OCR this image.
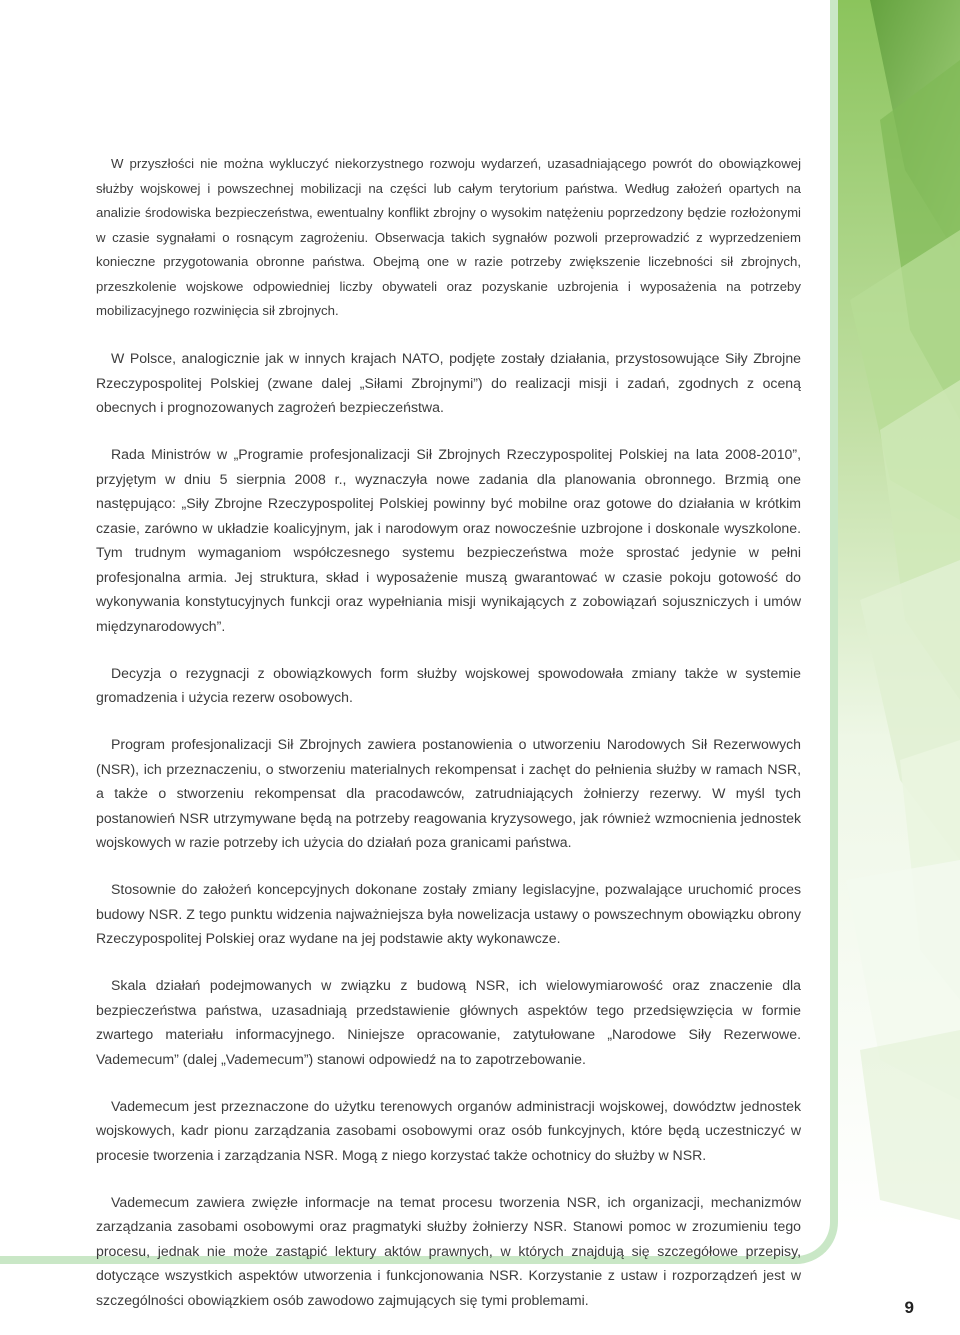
W przyszłości nie można wykluczyć niekorzystnego rozwoju wydarzeń, uzasadniającego powrót do obowiązkowej służby wojskowej i powszechnej mobilizacji na części lub całym terytorium państwa. Według założeń opartych na analizie środowiska bezpieczeństwa, ewentualny konflikt zbrojny o wysokim natężeniu poprzedzony będzie rozłożonymi w czasie sygnałami o rosnącym zagrożeniu. Obserwacja takich sygnałów pozwoli przeprowadzić z wyprzedzeniem konieczne przygotowania obronne państwa. Obejmą one w razie potrzeby zwiększenie liczebności sił zbrojnych, przeszkolenie wojskowe odpowiedniej liczby obywateli oraz pozyskanie uzbrojenia i wyposażenia na potrzeby mobilizacyjnego rozwinięcia sił zbrojnych.

W Polsce, analogicznie jak w innych krajach NATO, podjęte zostały działania, przystosowujące Siły Zbrojne Rzeczypospolitej Polskiej (zwane dalej „Siłami Zbrojnymi”) do realizacji misji i zadań, zgodnych z oceną obecnych i prognozowanych zagrożeń bezpieczeństwa.

Rada Ministrów w „Programie profesjonalizacji Sił Zbrojnych Rzeczypospolitej Polskiej na lata 2008-2010”, przyjętym w dniu 5 sierpnia 2008 r., wyznaczyła nowe zadania dla planowania obronnego. Brzmią one następująco: „Siły Zbrojne Rzeczypospolitej Polskiej powinny być mobilne oraz gotowe do działania w krótkim czasie, zarówno w układzie koalicyjnym, jak i narodowym oraz nowocześnie uzbrojone i doskonale wyszkolone. Tym trudnym wymaganiom współczesnego systemu bezpieczeństwa może sprostać jedynie w pełni profesjonalna armia. Jej struktura, skład i wyposażenie muszą gwarantować w czasie pokoju gotowość do wykonywania konstytucyjnych funkcji oraz wypełniania misji wynikających z zobowiązań sojuszniczych i umów międzynarodowych”.

Decyzja o rezygnacji z obowiązkowych form służby wojskowej spowodowała zmiany także w systemie gromadzenia i użycia rezerw osobowych.

Program profesjonalizacji Sił Zbrojnych zawiera postanowienia o utworzeniu Narodowych Sił Rezerwowych (NSR), ich przeznaczeniu, o stworzeniu materialnych rekompensat i zachęt do pełnienia służby w ramach NSR, a także o stworzeniu rekompensat dla pracodawców, zatrudniających żołnierzy rezerwy. W myśl tych postanowień NSR utrzymywane będą na potrzeby reagowania kryzysowego, jak również wzmocnienia jednostek wojskowych w razie potrzeby ich użycia do działań poza granicami państwa.

Stosownie do założeń koncepcyjnych dokonane zostały zmiany legislacyjne, pozwalające uruchomić proces budowy NSR. Z tego punktu widzenia najważniejsza była nowelizacja ustawy o powszechnym obowiązku obrony Rzeczypospolitej Polskiej oraz wydane na jej podstawie akty wykonawcze.

Skala działań podejmowanych w związku z budową NSR, ich wielowymiarowość oraz znaczenie dla bezpieczeństwa państwa, uzasadniają przedstawienie głównych aspektów tego przedsięwzięcia w formie zwartego materiału informacyjnego. Niniejsze opracowanie, zatytułowane „Narodowe Siły Rezerwowe. Vademecum” (dalej „Vademecum”) stanowi odpowiedź na to zapotrzebowanie.

Vademecum jest przeznaczone do użytku terenowych organów administracji wojskowej, dowództw jednostek wojskowych, kadr pionu zarządzania zasobami osobowymi oraz osób funkcyjnych, które będą uczestniczyć w procesie tworzenia i zarządzania NSR. Mogą z niego korzystać także ochotnicy do służby w NSR.

Vademecum zawiera zwięzłe informacje na temat procesu tworzenia NSR, ich organizacji, mechanizmów zarządzania zasobami osobowymi oraz pragmatyki służby żołnierzy NSR. Stanowi pomoc w zrozumieniu tego procesu, jednak nie może zastąpić lektury aktów prawnych, w których znajdują się szczegółowe przepisy, dotyczące wszystkich aspektów utworzenia i funkcjonowania NSR. Korzystanie z ustaw i rozporządzeń jest w szczególności obowiązkiem osób zawodowo zajmujących się tymi problemami.	9
